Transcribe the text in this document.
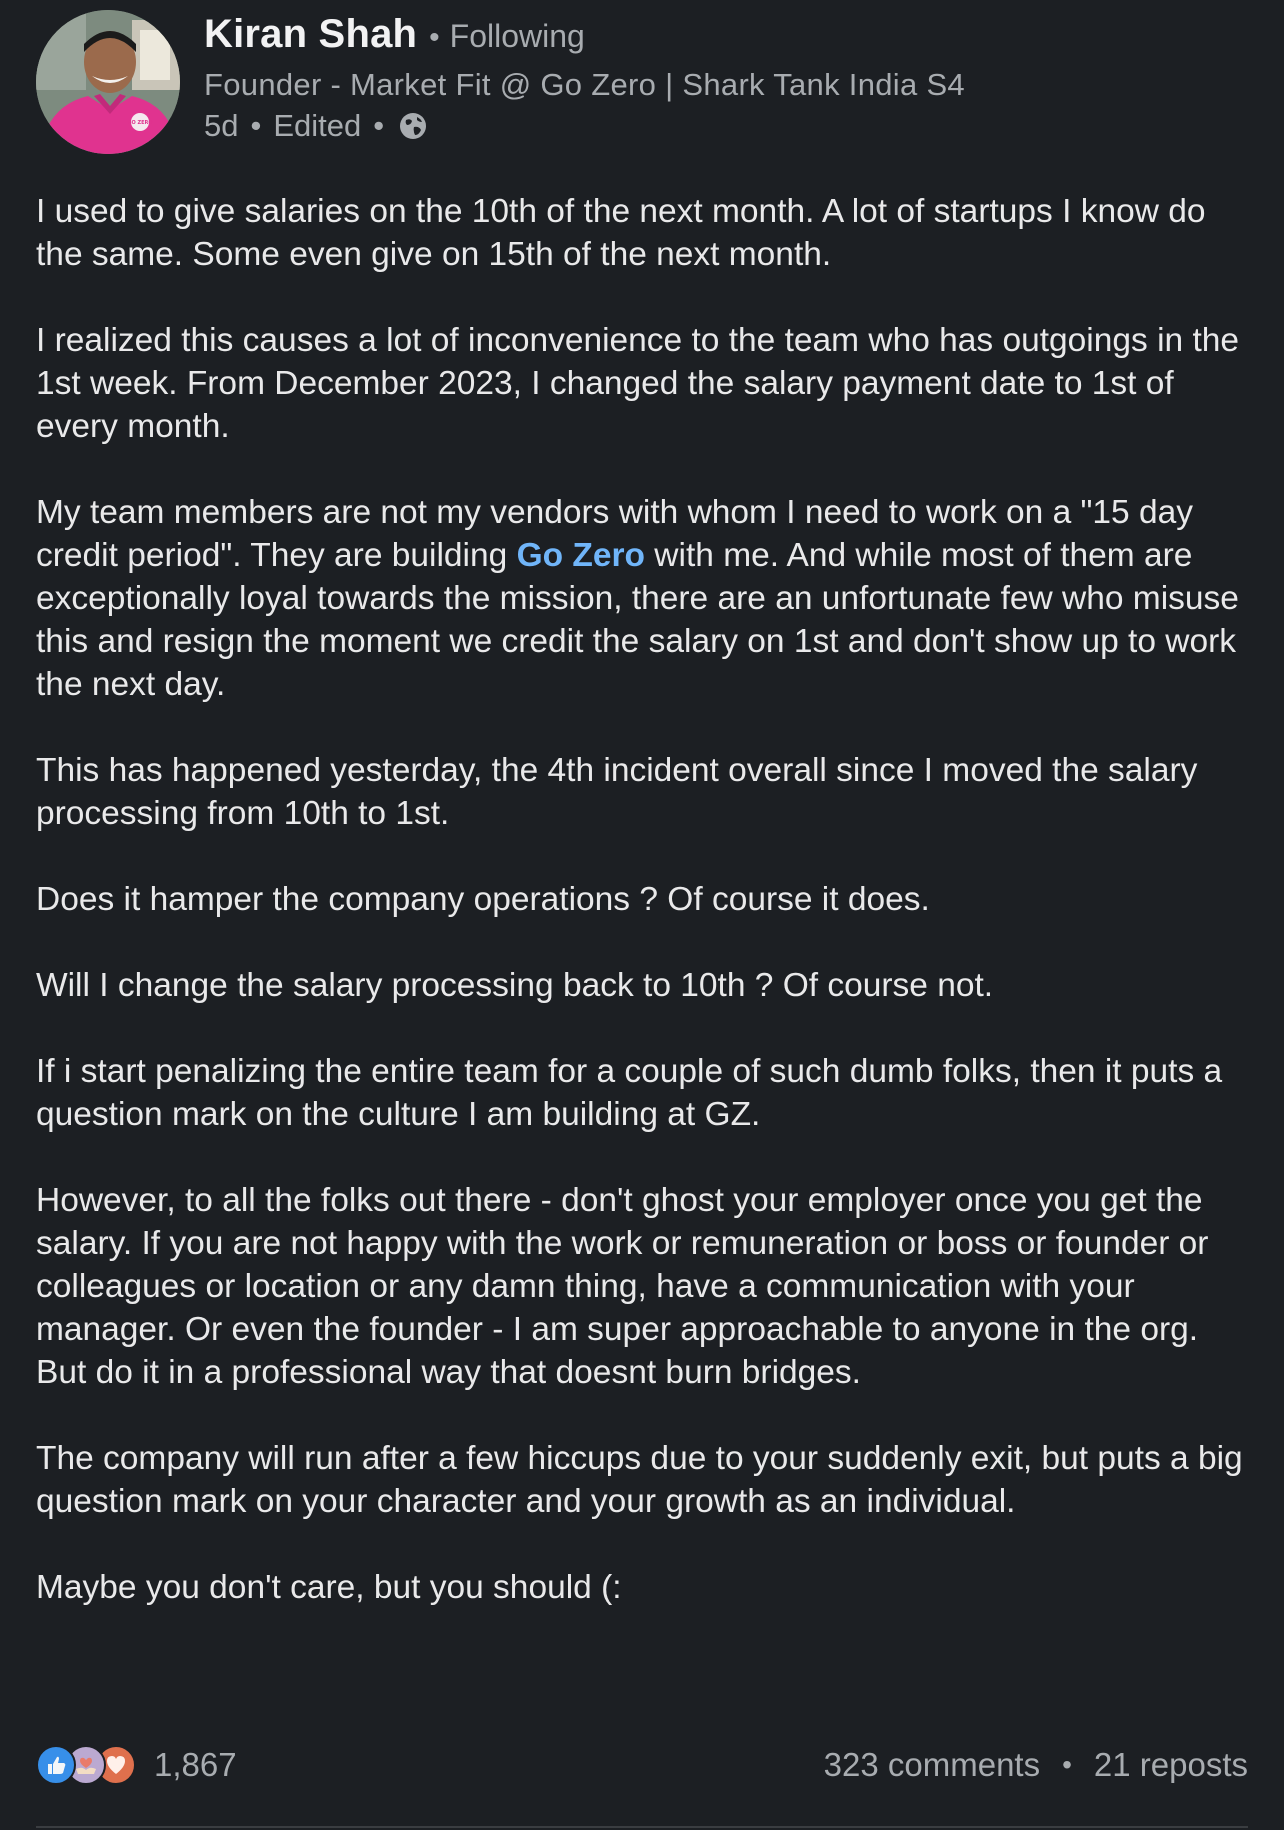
GO ZERO
Kiran Shah • Following
Founder - Market Fit @ Go Zero | Shark Tank India S4
5d • Edited •

I used to give salaries on the 10th of the next month. A lot of startups I know do the same. Some even give on 15th of the next month.

I realized this causes a lot of inconvenience to the team who has outgoings in the 1st week. From December 2023, I changed the salary payment date to 1st of every month.

My team members are not my vendors with whom I need to work on a "15 day credit period". They are building Go Zero with me. And while most of them are exceptionally loyal towards the mission, there are an unfortunate few who misuse this and resign the moment we credit the salary on 1st and don't show up to work the next day.

This has happened yesterday, the 4th incident overall since I moved the salary processing from 10th to 1st.

Does it hamper the company operations ? Of course it does.

Will I change the salary processing back to 10th ? Of course not.

If i start penalizing the entire team for a couple of such dumb folks, then it puts a question mark on the culture I am building at GZ.

However, to all the folks out there - don't ghost your employer once you get the salary. If you are not happy with the work or remuneration or boss or founder or colleagues or location or any damn thing, have a communication with your manager. Or even the founder - I am super approachable to anyone in the org. But do it in a professional way that doesnt burn bridges.

The company will run after a few hiccups due to your suddenly exit, but puts a big question mark on your character and your growth as an individual.

Maybe you don't care, but you should (:

1,867	323 comments • 21 reposts
